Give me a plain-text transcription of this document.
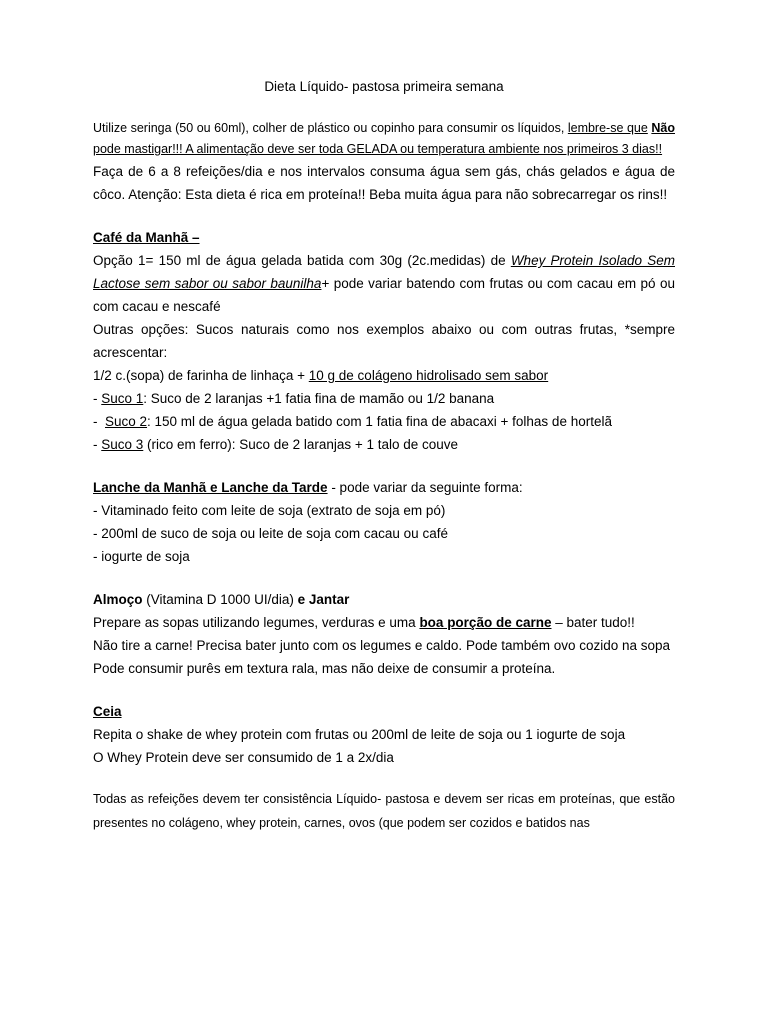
Dieta Líquido- pastosa primeira semana

Utilize seringa (50 ou 60ml), colher de plástico ou copinho para consumir os líquidos, lembre-se que Não pode mastigar!!! A alimentação deve ser toda GELADA ou temperatura ambiente nos primeiros 3 dias!!

Faça de 6 a 8 refeições/dia e nos intervalos consuma água sem gás, chás gelados e água de côco. Atenção: Esta dieta é rica em proteína!! Beba muita água para não sobrecarregar os rins!!

Café da Manhã –

Opção 1= 150 ml de água gelada batida com 30g (2c.medidas) de Whey Protein Isolado Sem Lactose sem sabor ou sabor baunilha+ pode variar batendo com frutas ou com cacau em pó ou com cacau e nescafé

Outras opções: Sucos naturais como nos exemplos abaixo ou com outras frutas, *sempre acrescentar:

1/2 c.(sopa) de farinha de linhaça + 10 g de colágeno hidrolisado sem sabor

- Suco 1: Suco de 2 laranjas +1 fatia fina de mamão ou 1/2 banana

-  Suco 2: 150 ml de água gelada batido com 1 fatia fina de abacaxi + folhas de hortelã

- Suco 3 (rico em ferro): Suco de 2 laranjas + 1 talo de couve

Lanche da Manhã e Lanche da Tarde - pode variar da seguinte forma:

- Vitaminado feito com leite de soja (extrato de soja em pó)

- 200ml de suco de soja ou leite de soja com cacau ou café

- iogurte de soja

Almoço (Vitamina D 1000 UI/dia) e Jantar

Prepare as sopas utilizando legumes, verduras e uma boa porção de carne – bater tudo!!

Não tire a carne! Precisa bater junto com os legumes e caldo. Pode também ovo cozido na sopa

Pode consumir purês em textura rala, mas não deixe de consumir a proteína.

Ceia

Repita o shake de whey protein com frutas ou 200ml de leite de soja ou 1 iogurte de soja

O Whey Protein deve ser consumido de 1 a 2x/dia

Todas as refeições devem ter consistência Líquido- pastosa e devem ser ricas em proteínas, que estão presentes no colágeno, whey protein, carnes, ovos (que podem ser cozidos e batidos nas
